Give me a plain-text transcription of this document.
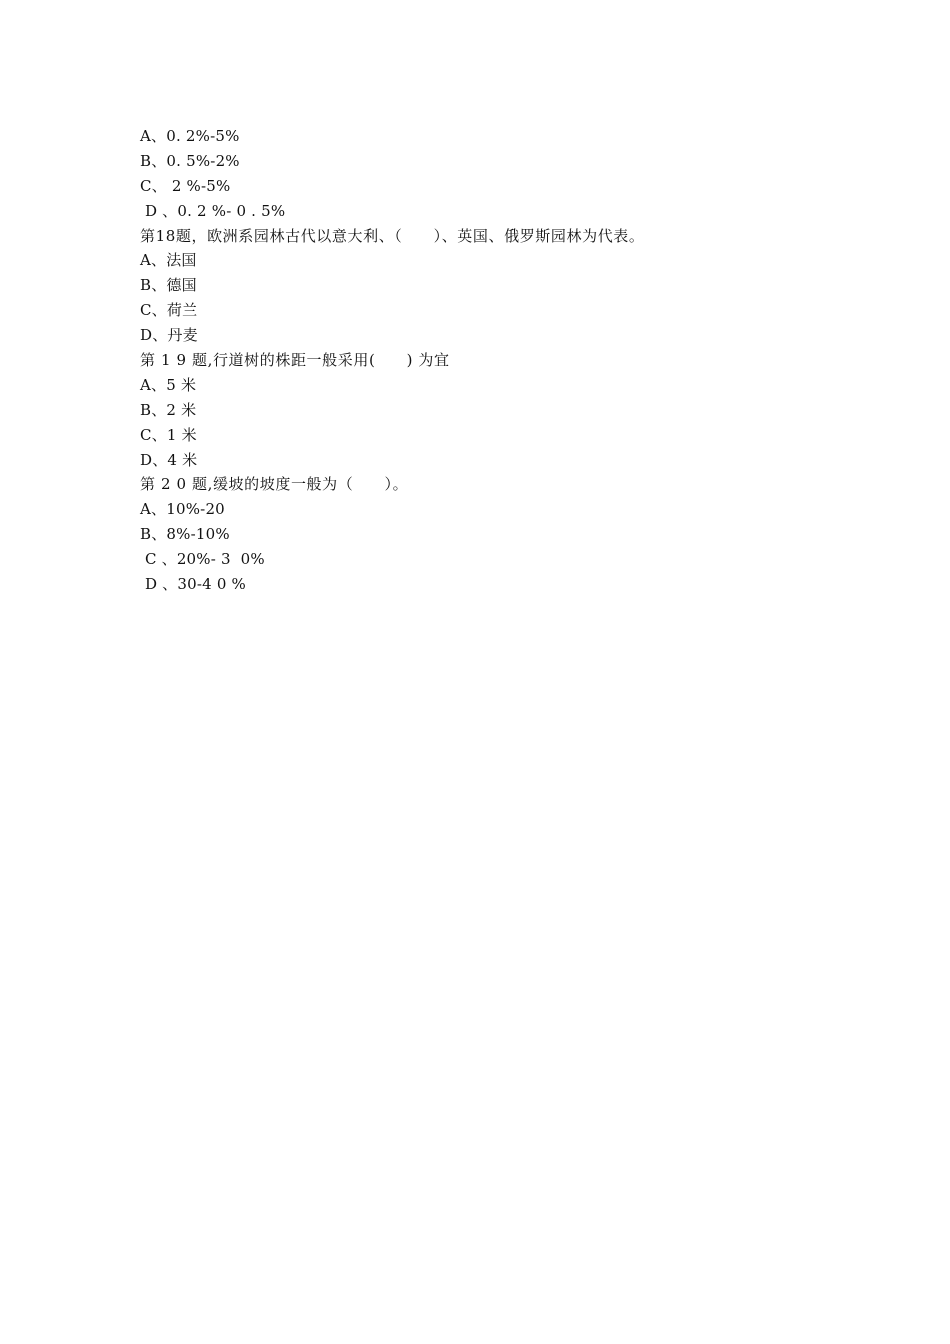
A、0. 2%-5%
B、0. 5%-2%
C、 2 %-5%
D 、0. 2 %- 0 . 5%
第18题，欧洲系园林古代以意大利、（　　）、英国、俄罗斯园林为代表。
A、法国
B、德国
C、荷兰
D、丹麦
第 1 9 题,行道树的株距一般采用(　　) 为宜
A、5 米
B、2 米
C、1 米
D、4 米
第 2 0 题,缓坡的坡度一般为（　　）。
A、10%-20
B、8%-10%
C 、20%- 3  0%
D 、30-4 0 %
